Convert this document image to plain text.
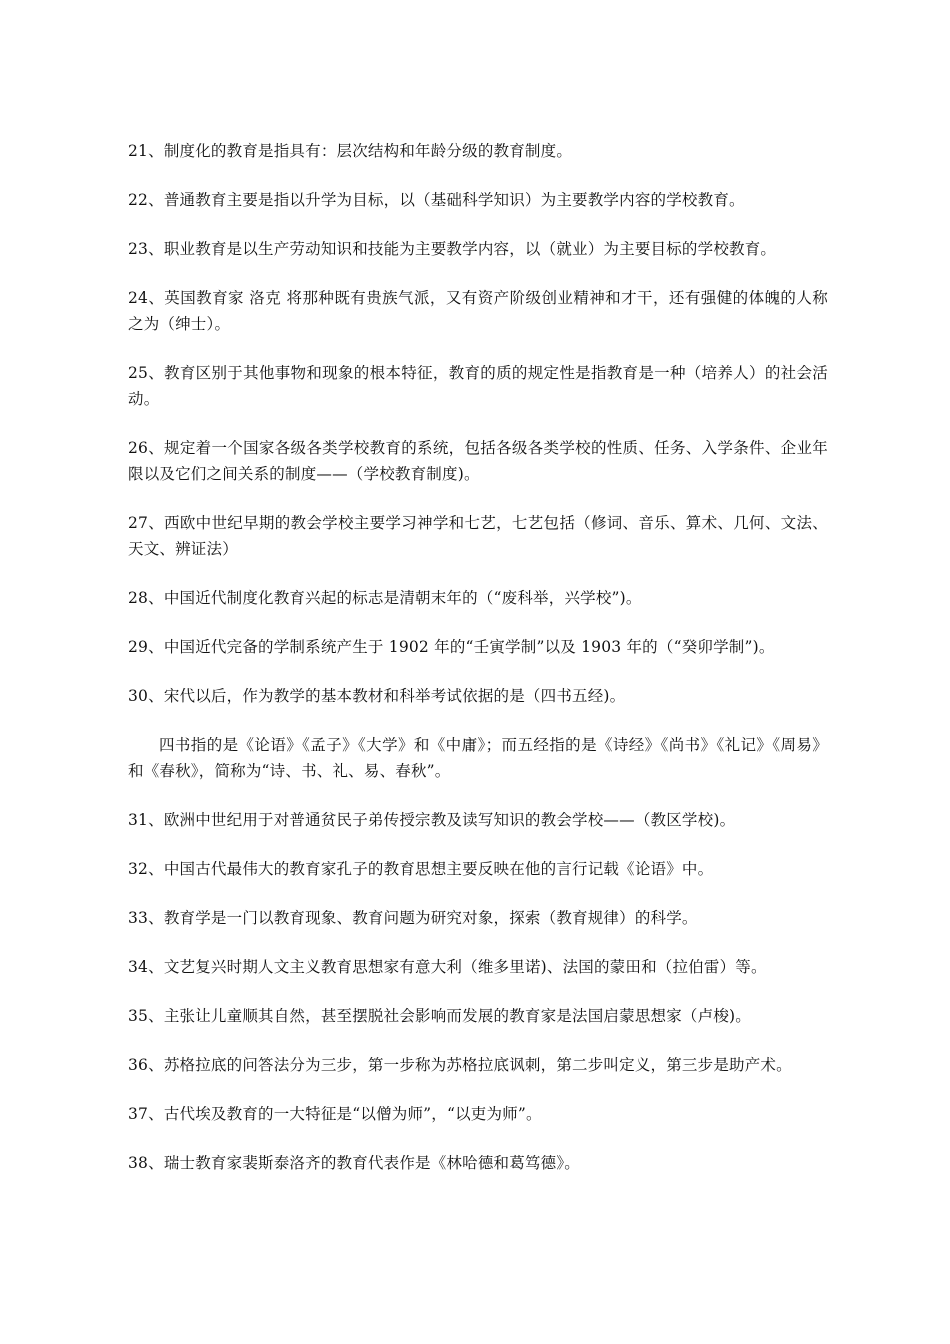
21、制度化的教育是指具有：层次结构和年龄分级的教育制度。

22、普通教育主要是指以升学为目标，以（基础科学知识）为主要教学内容的学校教育。

23、职业教育是以生产劳动知识和技能为主要教学内容，以（就业）为主要目标的学校教育。

24、英国教育家 洛克 将那种既有贵族气派，又有资产阶级创业精神和才干，还有强健的体魄的人称之为（绅士）。

25、教育区别于其他事物和现象的根本特征，教育的质的规定性是指教育是一种（培养人）的社会活动。

26、规定着一个国家各级各类学校教育的系统，包括各级各类学校的性质、任务、入学条件、企业年限以及它们之间关系的制度——（学校教育制度)。

27、西欧中世纪早期的教会学校主要学习神学和七艺，七艺包括（修词、音乐、算术、几何、文法、天文、辨证法）

28、中国近代制度化教育兴起的标志是清朝末年的（“废科举，兴学校”)。

29、中国近代完备的学制系统产生于 1902 年的“壬寅学制”以及 1903 年的（“癸卯学制”)。

30、宋代以后，作为教学的基本教材和科举考试依据的是（四书五经)。

四书指的是《论语》《孟子》《大学》和《中庸》；而五经指的是《诗经》《尚书》《礼记》《周易》和《春秋》，简称为“诗、书、礼、易、春秋”。

31、欧洲中世纪用于对普通贫民子弟传授宗教及读写知识的教会学校——（教区学校)。

32、中国古代最伟大的教育家孔子的教育思想主要反映在他的言行记载《论语》中。

33、教育学是一门以教育现象、教育问题为研究对象，探索（教育规律）的科学。

34、文艺复兴时期人文主义教育思想家有意大利（维多里诺)、法国的蒙田和（拉伯雷）等。

35、主张让儿童顺其自然，甚至摆脱社会影响而发展的教育家是法国启蒙思想家（卢梭)。

36、苏格拉底的问答法分为三步，第一步称为苏格拉底讽刺，第二步叫定义，第三步是助产术。

37、古代埃及教育的一大特征是“以僧为师”，“以吏为师”。

38、瑞士教育家裴斯泰洛齐的教育代表作是《林哈德和葛笃德》。
